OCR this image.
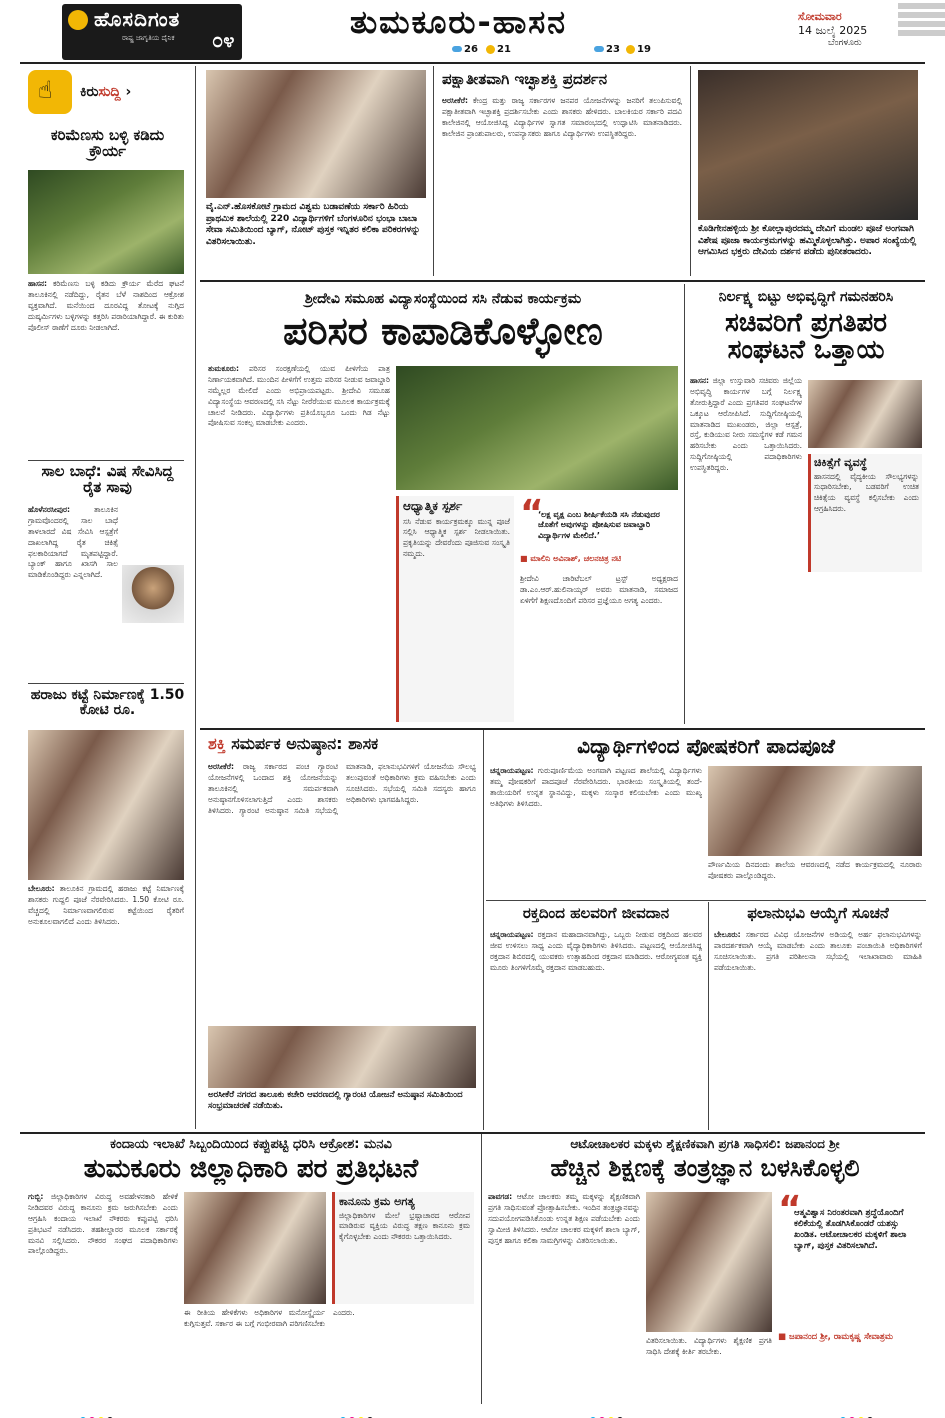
ಹೊಸದಿಗಂತ
ರಾಷ್ಟ್ರ ಜಾಗೃತಿಯ ದೈನಿಕ ೦೪	ತುಮಕೂರು-ಹಾಸನ
26	21	23	19
ಸೋಮವಾರ
14 ಜುಲೈ 2025
ಬೆಂಗಳೂರು
☝ ಕಿರುಸುದ್ದಿ ›
ಕರಿಮೆಣಸು ಬಳ್ಳಿ ಕಡಿದು ಕ್ರೌರ್ಯ
ಹಾಸನ: ಕರಿಮೆಣಸು ಬಳ್ಳಿ ಕಡಿದು ಕ್ರೌರ್ಯ ಮೆರೆದ ಘಟನೆ ತಾಲೂಕಿನಲ್ಲಿ ನಡೆದಿದ್ದು, ರೈತನ ಬೆಳೆ ನಾಶದಿಂದ ಆಕ್ರೋಶ ವ್ಯಕ್ತವಾಗಿದೆ. ಮನೆಯಿಂದ ದೂರವಿದ್ದ ತೋಟಕ್ಕೆ ನುಗ್ಗಿದ ದುಷ್ಕರ್ಮಿಗಳು ಬಳ್ಳಿಗಳನ್ನು ಕತ್ತರಿಸಿ ಪರಾರಿಯಾಗಿದ್ದಾರೆ. ಈ ಕುರಿತು ಪೊಲೀಸ್ ಠಾಣೆಗೆ ದೂರು ನೀಡಲಾಗಿದೆ.
ಸಾಲ ಬಾಧೆ: ವಿಷ ಸೇವಿಸಿದ್ದ ರೈತ ಸಾವು
ಹೊಳೆನರಸೀಪುರ:	ತಾಲೂಕಿನ ಗ್ರಾಮವೊಂದರಲ್ಲಿ ಸಾಲ ಬಾಧೆ ತಾಳಲಾರದೆ ವಿಷ ಸೇವಿಸಿ ಆಸ್ಪತ್ರೆಗೆ ದಾಖಲಾಗಿದ್ದ ರೈತ ಚಿಕಿತ್ಸೆ ಫಲಕಾರಿಯಾಗದೆ ಮೃತಪಟ್ಟಿದ್ದಾರೆ. ಬ್ಯಾಂಕ್ ಹಾಗೂ ಖಾಸಗಿ ಸಾಲ ಮಾಡಿಕೊಂಡಿದ್ದರು ಎನ್ನಲಾಗಿದೆ.
ಹರಾಜು ಕಟ್ಟೆ ನಿರ್ಮಾಣಕ್ಕೆ 1.50 ಕೋಟಿ ರೂ.
ಬೇಲೂರು: ತಾಲೂಕಿನ ಗ್ರಾಮದಲ್ಲಿ ಹರಾಜು ಕಟ್ಟೆ ನಿರ್ಮಾಣಕ್ಕೆ ಶಾಸಕರು ಗುದ್ದಲಿ ಪೂಜೆ ನೆರವೇರಿಸಿದರು. 1.50 ಕೋಟಿ ರೂ. ವೆಚ್ಚದಲ್ಲಿ ನಿರ್ಮಾಣವಾಗಲಿರುವ ಕಟ್ಟೆಯಿಂದ ರೈತರಿಗೆ ಅನುಕೂಲವಾಗಲಿದೆ ಎಂದು ತಿಳಿಸಿದರು.
ವೈ.ಎನ್.ಹೊಸಕೋಟೆ ಗ್ರಾಮದ ವಿಶ್ವಮ ಬಡಾವಣೆಯ ಸರ್ಕಾರಿ ಹಿರಿಯ ಪ್ರಾಥಮಿಕ ಶಾಲೆಯಲ್ಲಿ 220 ವಿದ್ಯಾರ್ಥಿಗಳಿಗೆ ಬೆಂಗಳೂರಿನ ಭಂಭಾ ಬಾಬಾ ಸೇವಾ ಸಮಿತಿಯಿಂದ ಬ್ಯಾಗ್, ನೋಟ್ ಪುಸ್ತಕ ಇನ್ನಿತರ ಕಲಿಕಾ ಪರಿಕರಗಳನ್ನು ವಿತರಿಸಲಾಯಿತು.
ಪಕ್ಷಾತೀತವಾಗಿ ಇಚ್ಛಾಶಕ್ತಿ ಪ್ರದರ್ಶನ
ಅರಸೀಕೆರೆ: ಕೇಂದ್ರ ಮತ್ತು ರಾಜ್ಯ ಸರ್ಕಾರಗಳ ಜನಪರ ಯೋಜನೆಗಳನ್ನು ಜನರಿಗೆ ತಲುಪಿಸುವಲ್ಲಿ ಪಕ್ಷಾತೀತವಾಗಿ ಇಚ್ಛಾಶಕ್ತಿ ಪ್ರದರ್ಶಿಸಬೇಕು ಎಂದು ಶಾಸಕರು ಹೇಳಿದರು. ಬಾಲಕಿಯರ ಸರ್ಕಾರಿ ಪದವಿ ಕಾಲೇಜಿನಲ್ಲಿ ಆಯೋಜಿಸಿದ್ದ ವಿದ್ಯಾರ್ಥಿಗಳ ಸ್ವಾಗತ ಸಮಾರಂಭದಲ್ಲಿ ಉದ್ಘಾಟಿಸಿ ಮಾತನಾಡಿದರು. ಕಾಲೇಜಿನ ಪ್ರಾಂಶುಪಾಲರು, ಉಪನ್ಯಾಸಕರು ಹಾಗೂ ವಿದ್ಯಾರ್ಥಿಗಳು ಉಪಸ್ಥಿತರಿದ್ದರು.
ಕೊಡಿಗೇನಹಳ್ಳಿಯ ಶ್ರೀ ಕೋಲ್ಲಾಪುರದಮ್ಮ ದೇವಿಗೆ ಮಂಡಲ ಪೂಜೆ ಅಂಗವಾಗಿ ವಿಶೇಷ ಪೂಜಾ ಕಾರ್ಯಕ್ರಮಗಳನ್ನು ಹಮ್ಮಿಕೊಳ್ಳಲಾಗಿತ್ತು. ಅಪಾರ ಸಂಖ್ಯೆಯಲ್ಲಿ ಆಗಮಿಸಿದ ಭಕ್ತರು ದೇವಿಯ ದರ್ಶನ ಪಡೆದು ಪುನೀತರಾದರು.
ಶ್ರೀದೇವಿ ಸಮೂಹ ವಿದ್ಯಾಸಂಸ್ಥೆಯಿಂದ ಸಸಿ ನೆಡುವ ಕಾರ್ಯಕ್ರಮ
ಪರಿಸರ ಕಾಪಾಡಿಕೊಳ್ಳೋಣ
ತುಮಕೂರು: ಪರಿಸರ ಸಂರಕ್ಷಣೆಯಲ್ಲಿ ಯುವ ಪೀಳಿಗೆಯ ಪಾತ್ರ ನಿರ್ಣಾಯಕವಾಗಿದೆ. ಮುಂದಿನ ಪೀಳಿಗೆಗೆ ಉತ್ತಮ ಪರಿಸರ ನೀಡುವ ಜವಾಬ್ದಾರಿ ನಮ್ಮೆಲ್ಲರ ಮೇಲಿದೆ ಎಂದು ಅಭಿಪ್ರಾಯಪಟ್ಟರು. ಶ್ರೀದೇವಿ ಸಮೂಹ ವಿದ್ಯಾಸಂಸ್ಥೆಯ ಆವರಣದಲ್ಲಿ ಸಸಿ ನೆಟ್ಟು ನೀರೆರೆಯುವ ಮೂಲಕ ಕಾರ್ಯಕ್ರಮಕ್ಕೆ ಚಾಲನೆ ನೀಡಿದರು. ವಿದ್ಯಾರ್ಥಿಗಳು ಪ್ರತಿಯೊಬ್ಬರೂ ಒಂದು ಗಿಡ ನೆಟ್ಟು ಪೋಷಿಸುವ ಸಂಕಲ್ಪ ಮಾಡಬೇಕು ಎಂದರು.
ಆಧ್ಯಾತ್ಮಿಕ ಸ್ಪರ್ಶ
ಸಸಿ ನೆಡುವ ಕಾರ್ಯಕ್ರಮಕ್ಕೂ ಮುನ್ನ ಪೂಜೆ ಸಲ್ಲಿಸಿ ಆಧ್ಯಾತ್ಮಿಕ ಸ್ಪರ್ಶ ನೀಡಲಾಯಿತು. ಪ್ರಕೃತಿಯನ್ನು ದೇವರೆಂದು ಪೂಜಿಸುವ ಸಂಸ್ಕೃತಿ ನಮ್ಮದು.
“
‘ಲಕ್ಷ ವೃಕ್ಷ ಎಂಬ ಶೀರ್ಷಿಕೆಯಡಿ ಸಸಿ ನೆಡುವುದರ ಜೊತೆಗೆ ಅವುಗಳನ್ನು ಪೋಷಿಸುವ ಜವಾಬ್ದಾರಿ ವಿದ್ಯಾರ್ಥಿಗಳ ಮೇಲಿದೆ.’
■ ಮಾಲಿನಿ ಅವಿನಾಶ್, ಚಲನಚಿತ್ರ ನಟಿ
ಶ್ರೀದೇವಿ ಚಾರಿಟೆಬಲ್ ಟ್ರಸ್ಟ್ ಅಧ್ಯಕ್ಷರಾದ ಡಾ.ಎಂ.ಆರ್.ಹುಲಿನಾಯ್ಕರ್ ಅವರು ಮಾತನಾಡಿ, ಸಮಾಜದ ಏಳಿಗೆಗೆ ಶಿಕ್ಷಣದೊಂದಿಗೆ ಪರಿಸರ ಪ್ರಜ್ಞೆಯೂ ಅಗತ್ಯ ಎಂದರು.
ನಿರ್ಲಕ್ಷ್ಯ ಬಿಟ್ಟು ಅಭಿವೃದ್ಧಿಗೆ ಗಮನಹರಿಸಿ
ಸಚಿವರಿಗೆ ಪ್ರಗತಿಪರ ಸಂಘಟನೆ ಒತ್ತಾಯ
ಹಾಸನ: ಜಿಲ್ಲಾ ಉಸ್ತುವಾರಿ ಸಚಿವರು ಜಿಲ್ಲೆಯ ಅಭಿವೃದ್ಧಿ ಕಾರ್ಯಗಳ ಬಗ್ಗೆ ನಿರ್ಲಕ್ಷ್ಯ ತೋರುತ್ತಿದ್ದಾರೆ ಎಂದು ಪ್ರಗತಿಪರ ಸಂಘಟನೆಗಳ ಒಕ್ಕೂಟ ಆರೋಪಿಸಿದೆ. ಸುದ್ದಿಗೋಷ್ಠಿಯಲ್ಲಿ ಮಾತನಾಡಿದ ಮುಖಂಡರು, ಜಿಲ್ಲಾ ಆಸ್ಪತ್ರೆ, ರಸ್ತೆ, ಕುಡಿಯುವ ನೀರು ಸಮಸ್ಯೆಗಳ ಕಡೆ ಗಮನ ಹರಿಸಬೇಕು ಎಂದು ಒತ್ತಾಯಿಸಿದರು. ಸುದ್ದಿಗೋಷ್ಠಿಯಲ್ಲಿ ಪದಾಧಿಕಾರಿಗಳು ಉಪಸ್ಥಿತರಿದ್ದರು.	ಚಿಕಿತ್ಸೆಗೆ ವ್ಯವಸ್ಥೆ
ಹಾಸನದಲ್ಲಿ ವೈದ್ಯಕೀಯ ಸೌಲಭ್ಯಗಳನ್ನು ಸುಧಾರಿಸಬೇಕು, ಬಡವರಿಗೆ ಉಚಿತ ಚಿಕಿತ್ಸೆಯ ವ್ಯವಸ್ಥೆ ಕಲ್ಪಿಸಬೇಕು ಎಂದು ಆಗ್ರಹಿಸಿದರು.
ಶಕ್ತಿ ಸಮರ್ಪಕ ಅನುಷ್ಠಾನ: ಶಾಸಕ
ಅರಸೀಕೆರೆ: ರಾಜ್ಯ ಸರ್ಕಾರದ ಪಂಚ ಗ್ಯಾರಂಟಿ ಯೋಜನೆಗಳಲ್ಲಿ ಒಂದಾದ ಶಕ್ತಿ ಯೋಜನೆಯನ್ನು ತಾಲೂಕಿನಲ್ಲಿ ಸಮರ್ಪಕವಾಗಿ ಅನುಷ್ಠಾನಗೊಳಿಸಲಾಗುತ್ತಿದೆ ಎಂದು ಶಾಸಕರು ತಿಳಿಸಿದರು. ಗ್ಯಾರಂಟಿ ಅನುಷ್ಠಾನ ಸಮಿತಿ ಸಭೆಯಲ್ಲಿ ಮಾತನಾಡಿ, ಫಲಾನುಭವಿಗಳಿಗೆ ಯೋಜನೆಯ ಸೌಲಭ್ಯ ತಲುಪುವಂತೆ ಅಧಿಕಾರಿಗಳು ಕ್ರಮ ವಹಿಸಬೇಕು ಎಂದು ಸೂಚಿಸಿದರು. ಸಭೆಯಲ್ಲಿ ಸಮಿತಿ ಸದಸ್ಯರು ಹಾಗೂ ಅಧಿಕಾರಿಗಳು ಭಾಗವಹಿಸಿದ್ದರು.
ಅರಸೀಕೆರೆ ನಗರದ ತಾಲೂಕು ಕಚೇರಿ ಆವರಣದಲ್ಲಿ ಗ್ಯಾರಂಟಿ ಯೋಜನೆ ಅನುಷ್ಠಾನ ಸಮಿತಿಯಿಂದ ಸಂಭ್ರಮಾಚರಣೆ ನಡೆಯಿತು.
ವಿದ್ಯಾರ್ಥಿಗಳಿಂದ ಪೋಷಕರಿಗೆ ಪಾದಪೂಜೆ
ಚನ್ನರಾಯಪಟ್ಟಣ: ಗುರುಪೂರ್ಣಿಮೆಯ ಅಂಗವಾಗಿ ಪಟ್ಟಣದ ಶಾಲೆಯಲ್ಲಿ ವಿದ್ಯಾರ್ಥಿಗಳು ತಮ್ಮ ಪೋಷಕರಿಗೆ ಪಾದಪೂಜೆ ನೆರವೇರಿಸಿದರು. ಭಾರತೀಯ ಸಂಸ್ಕೃತಿಯಲ್ಲಿ ತಂದೆ-ತಾಯಿಯರಿಗೆ ಉನ್ನತ ಸ್ಥಾನವಿದ್ದು, ಮಕ್ಕಳು ಸಂಸ್ಕಾರ ಕಲಿಯಬೇಕು ಎಂದು ಮುಖ್ಯ ಅತಿಥಿಗಳು ತಿಳಿಸಿದರು.
ಪೌರ್ಣಮಿಯ ದಿನದಂದು ಶಾಲೆಯ ಆವರಣದಲ್ಲಿ ನಡೆದ ಕಾರ್ಯಕ್ರಮದಲ್ಲಿ ನೂರಾರು ಪೋಷಕರು ಪಾಲ್ಗೊಂಡಿದ್ದರು.
ರಕ್ತದಿಂದ ಹಲವರಿಗೆ ಜೀವದಾನ
ಚನ್ನರಾಯಪಟ್ಟಣ: ರಕ್ತದಾನ ಮಹಾದಾನವಾಗಿದ್ದು, ಒಬ್ಬರು ನೀಡುವ ರಕ್ತದಿಂದ ಹಲವರ ಜೀವ ಉಳಿಸಲು ಸಾಧ್ಯ ಎಂದು ವೈದ್ಯಾಧಿಕಾರಿಗಳು ತಿಳಿಸಿದರು. ಪಟ್ಟಣದಲ್ಲಿ ಆಯೋಜಿಸಿದ್ದ ರಕ್ತದಾನ ಶಿಬಿರದಲ್ಲಿ ಯುವಕರು ಉತ್ಸಾಹದಿಂದ ರಕ್ತದಾನ ಮಾಡಿದರು. ಆರೋಗ್ಯವಂತ ವ್ಯಕ್ತಿ ಮೂರು ತಿಂಗಳಿಗೊಮ್ಮೆ ರಕ್ತದಾನ ಮಾಡಬಹುದು.
ಫಲಾನುಭವಿ ಆಯ್ಕೆಗೆ ಸೂಚನೆ
ಬೇಲೂರು: ಸರ್ಕಾರದ ವಿವಿಧ ಯೋಜನೆಗಳ ಅಡಿಯಲ್ಲಿ ಅರ್ಹ ಫಲಾನುಭವಿಗಳನ್ನು ಪಾರದರ್ಶಕವಾಗಿ ಆಯ್ಕೆ ಮಾಡಬೇಕು ಎಂದು ತಾಲೂಕು ಪಂಚಾಯಿತಿ ಅಧಿಕಾರಿಗಳಿಗೆ ಸೂಚಿಸಲಾಯಿತು. ಪ್ರಗತಿ ಪರಿಶೀಲನಾ ಸಭೆಯಲ್ಲಿ ಇಲಾಖಾವಾರು ಮಾಹಿತಿ ಪಡೆಯಲಾಯಿತು.
ಕಂದಾಯ ಇಲಾಖೆ ಸಿಬ್ಬಂದಿಯಿಂದ ಕಪ್ಪುಪಟ್ಟಿ ಧರಿಸಿ ಆಕ್ರೋಶ: ಮನವಿ
ತುಮಕೂರು ಜಿಲ್ಲಾಧಿಕಾರಿ ಪರ ಪ್ರತಿಭಟನೆ
ಗುಬ್ಬಿ: ಜಿಲ್ಲಾಧಿಕಾರಿಗಳ ವಿರುದ್ಧ ಅವಹೇಳನಕಾರಿ ಹೇಳಿಕೆ ನೀಡಿದವರ ವಿರುದ್ಧ ಕಾನೂನು ಕ್ರಮ ಜರುಗಿಸಬೇಕು ಎಂದು ಆಗ್ರಹಿಸಿ ಕಂದಾಯ ಇಲಾಖೆ ನೌಕರರು ಕಪ್ಪುಪಟ್ಟಿ ಧರಿಸಿ ಪ್ರತಿಭಟನೆ ನಡೆಸಿದರು. ತಹಶೀಲ್ದಾರರ ಮೂಲಕ ಸರ್ಕಾರಕ್ಕೆ ಮನವಿ ಸಲ್ಲಿಸಿದರು. ನೌಕರರ ಸಂಘದ ಪದಾಧಿಕಾರಿಗಳು ಪಾಲ್ಗೊಂಡಿದ್ದರು.
ಕಾನೂನು ಕ್ರಮ ಅಗತ್ಯ
ಜಿಲ್ಲಾಧಿಕಾರಿಗಳ ಮೇಲೆ ಭ್ರಷ್ಟಾಚಾರದ ಆರೋಪ ಮಾಡಿರುವ ವ್ಯಕ್ತಿಯ ವಿರುದ್ಧ ತಕ್ಷಣ ಕಾನೂನು ಕ್ರಮ ಕೈಗೊಳ್ಳಬೇಕು ಎಂದು ನೌಕರರು ಒತ್ತಾಯಿಸಿದರು.
ಈ ರೀತಿಯ ಹೇಳಿಕೆಗಳು ಅಧಿಕಾರಿಗಳ ಮನೋಸ್ಥೈರ್ಯ ಕುಗ್ಗಿಸುತ್ತವೆ. ಸರ್ಕಾರ ಈ ಬಗ್ಗೆ ಗಂಭೀರವಾಗಿ ಪರಿಗಣಿಸಬೇಕು ಎಂದರು.
ಆಟೋಚಾಲಕರ ಮಕ್ಕಳು ಶೈಕ್ಷಣಿಕವಾಗಿ ಪ್ರಗತಿ ಸಾಧಿಸಲಿ: ಜಪಾನಂದ ಶ್ರೀ
ಹೆಚ್ಚಿನ ಶಿಕ್ಷಣಕ್ಕೆ ತಂತ್ರಜ್ಞಾನ ಬಳಸಿಕೊಳ್ಳಲಿ
ಪಾವಗಡ: ಆಟೋ ಚಾಲಕರು ತಮ್ಮ ಮಕ್ಕಳನ್ನು ಶೈಕ್ಷಣಿಕವಾಗಿ ಪ್ರಗತಿ ಸಾಧಿಸುವಂತೆ ಪ್ರೋತ್ಸಾಹಿಸಬೇಕು. ಇಂದಿನ ತಂತ್ರಜ್ಞಾನವನ್ನು ಸದುಪಯೋಗಪಡಿಸಿಕೊಂಡು ಉನ್ನತ ಶಿಕ್ಷಣ ಪಡೆಯಬೇಕು ಎಂದು ಸ್ವಾಮೀಜಿ ತಿಳಿಸಿದರು. ಆಟೋ ಚಾಲಕರ ಮಕ್ಕಳಿಗೆ ಶಾಲಾ ಬ್ಯಾಗ್, ಪುಸ್ತಕ ಹಾಗೂ ಕಲಿಕಾ ಸಾಮಗ್ರಿಗಳನ್ನು ವಿತರಿಸಲಾಯಿತು.
ವಿತರಿಸಲಾಯಿತು. ವಿದ್ಯಾರ್ಥಿಗಳು ಶೈಕ್ಷಣಿಕ ಪ್ರಗತಿ ಸಾಧಿಸಿ ದೇಶಕ್ಕೆ ಕೀರ್ತಿ ತರಬೇಕು.
“
ಆತ್ಮವಿಶ್ವಾಸ ನಿರಂತರವಾಗಿ ಶ್ರದ್ಧೆಯೊಂದಿಗೆ ಕಲಿಕೆಯಲ್ಲಿ ತೊಡಗಿಸಿಕೊಂಡರೆ ಯಶಸ್ಸು ಖಂಡಿತ. ಆಟೋಚಾಲಕರ ಮಕ್ಕಳಿಗೆ ಶಾಲಾ ಬ್ಯಾಗ್, ಪುಸ್ತಕ ವಿತರಿಸಲಾಗಿದೆ.
■ ಜಪಾನಂದ ಶ್ರೀ, ರಾಮಕೃಷ್ಣ ಸೇವಾಶ್ರಮ
